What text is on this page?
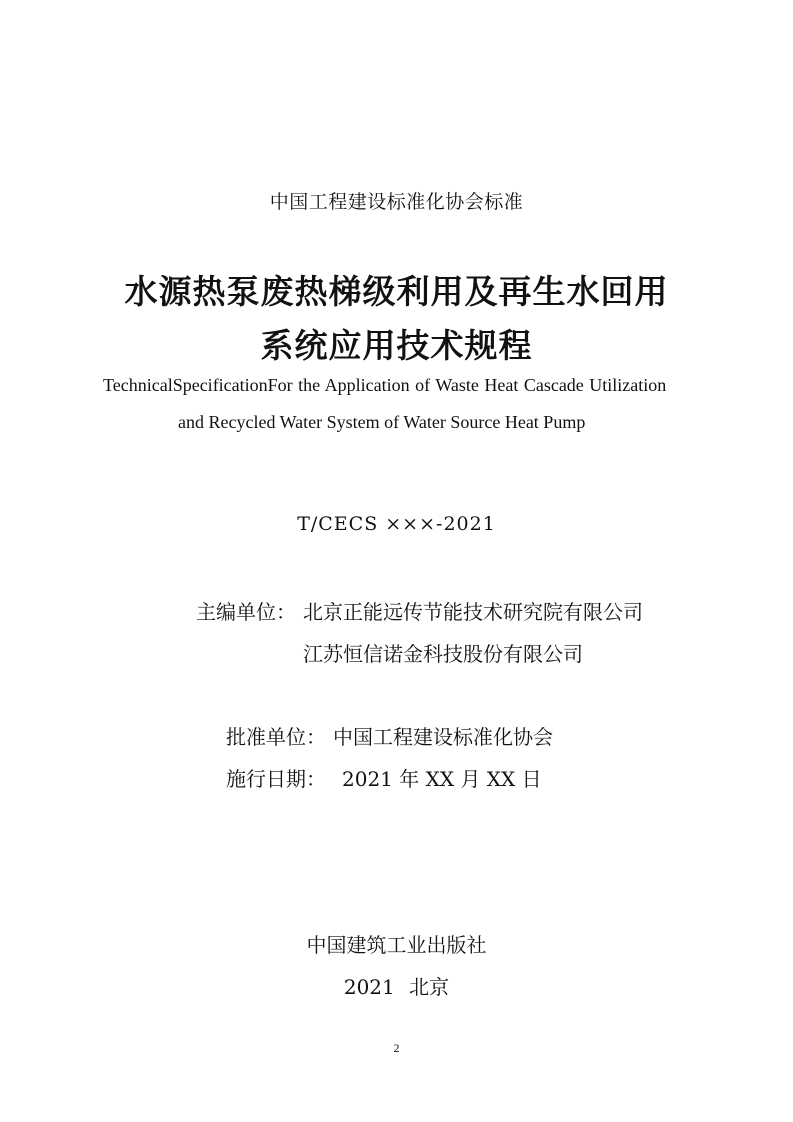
中国工程建设标准化协会标准

水源热泵废热梯级利用及再生水回用

系统应用技术规程

TechnicalSpecificationFor the Application of Waste Heat Cascade Utilization

and Recycled Water System of Water Source Heat Pump

T/CECS ×××-2021

主编单位： 北京正能远传节能技术研究院有限公司

江苏恒信诺金科技股份有限公司

批准单位： 中国工程建设标准化协会

施行日期： 2021 年 XX 月 XX 日

中国建筑工业出版社

2021 北京

2
